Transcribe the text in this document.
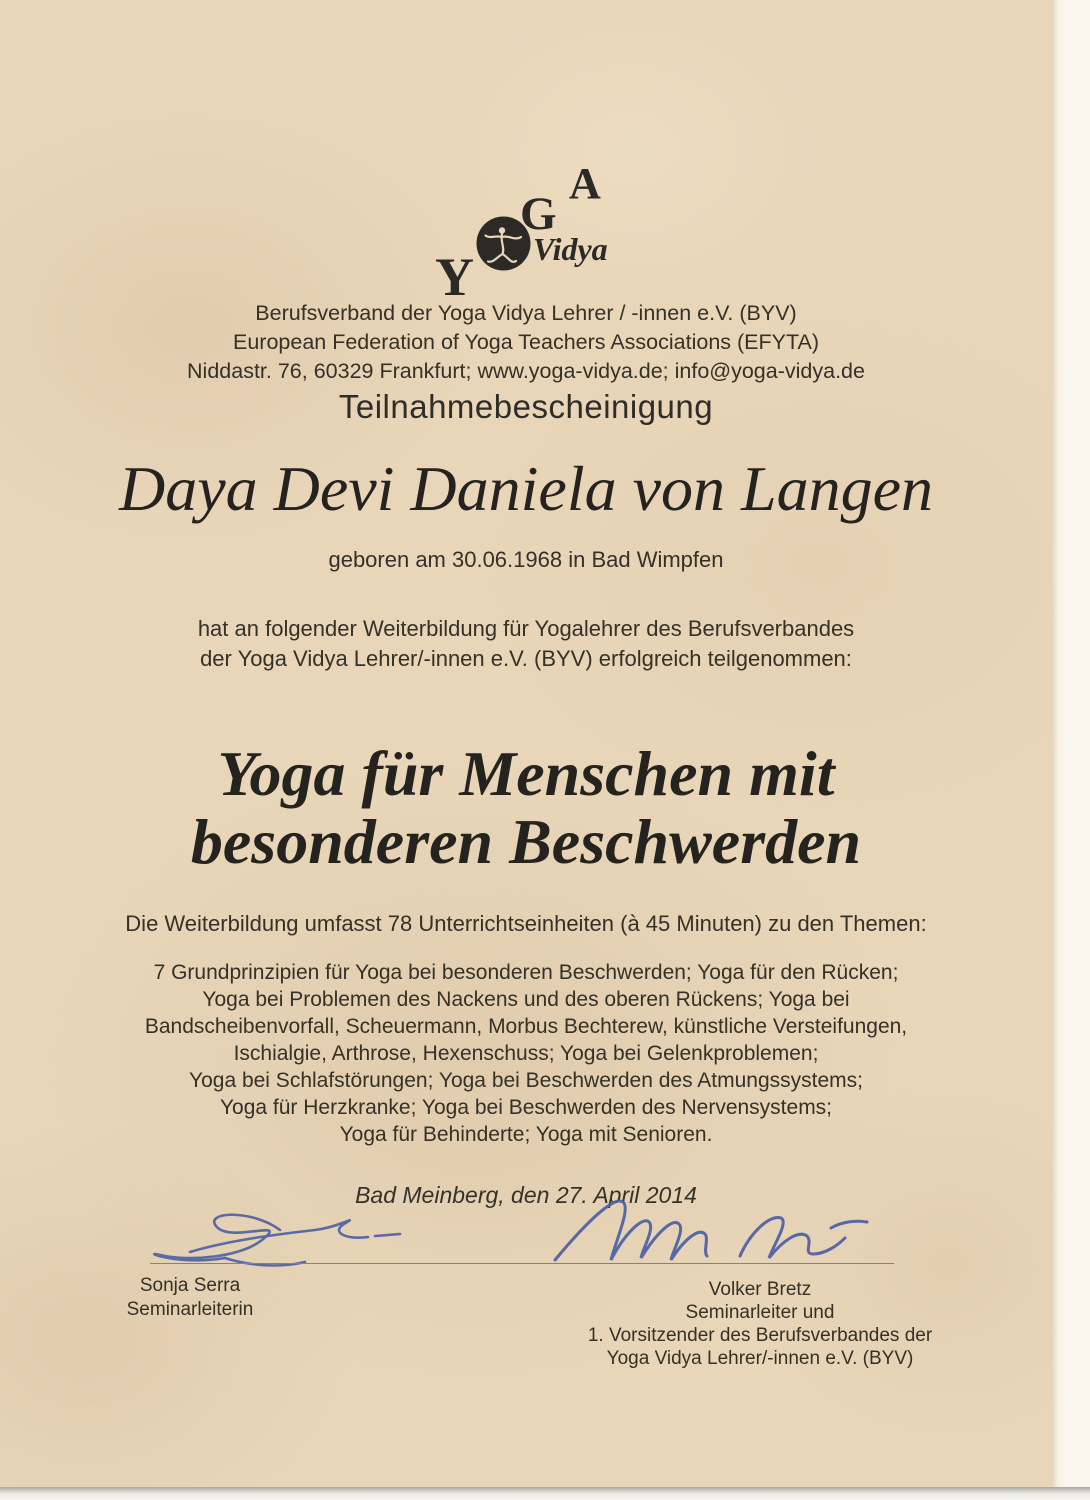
Y
G
A
Vidya
Berufsverband der Yoga Vidya Lehrer / -innen e.V. (BYV)
European Federation of Yoga Teachers Associations (EFYTA)
Niddastr. 76, 60329 Frankfurt; www.yoga-vidya.de; info@yoga-vidya.de
Teilnahmebescheinigung
Daya Devi Daniela von Langen
geboren am 30.06.1968 in Bad Wimpfen
hat an folgender Weiterbildung für Yogalehrer des Berufsverbandes
der Yoga Vidya Lehrer/-innen e.V. (BYV) erfolgreich teilgenommen:
Yoga für Menschen mit
besonderen Beschwerden
Die Weiterbildung umfasst 78 Unterrichtseinheiten (à 45 Minuten) zu den Themen:
7 Grundprinzipien für Yoga bei besonderen Beschwerden; Yoga für den Rücken;
Yoga bei Problemen des Nackens und des oberen Rückens; Yoga bei
Bandscheibenvorfall, Scheuermann, Morbus Bechterew, künstliche Versteifungen,
Ischialgie, Arthrose, Hexenschuss; Yoga bei Gelenkproblemen;
Yoga bei Schlafstörungen; Yoga bei Beschwerden des Atmungssystems;
Yoga für Herzkranke; Yoga bei Beschwerden des Nervensystems;
Yoga für Behinderte; Yoga mit Senioren.
Bad Meinberg, den 27. April 2014
Sonja Serra
Seminarleiterin
Volker Bretz
Seminarleiter und
1. Vorsitzender des Berufsverbandes der
Yoga Vidya Lehrer/-innen e.V. (BYV)
